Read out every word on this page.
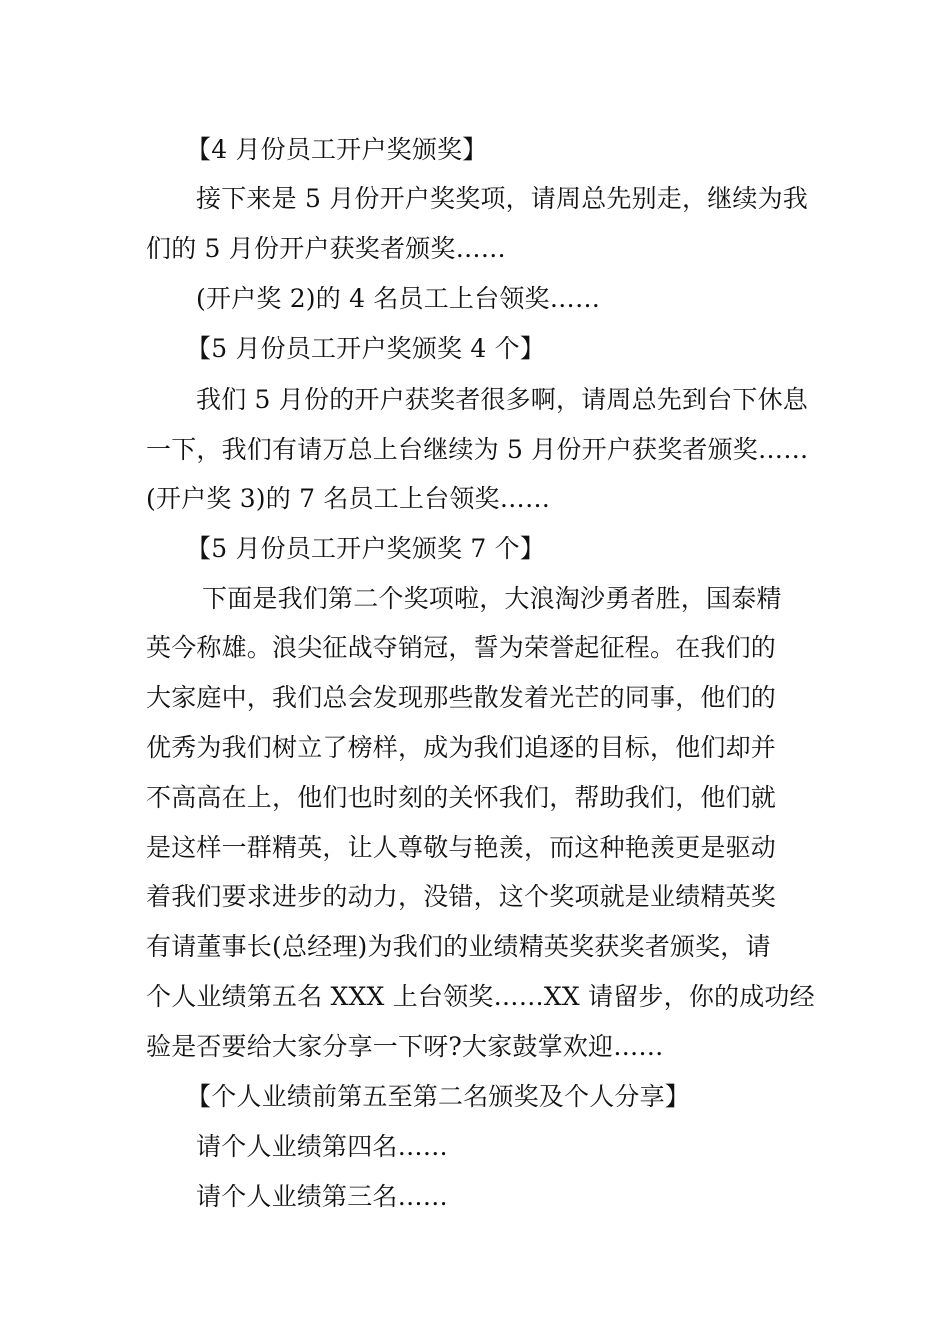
【4 月份员工开户奖颁奖】
接下来是 5 月份开户奖奖项，请周总先别走，继续为我
们的 5 月份开户获奖者颁奖……
(开户奖 2)的 4 名员工上台领奖……
【5 月份员工开户奖颁奖 4 个】
我们 5 月份的开户获奖者很多啊，请周总先到台下休息
一下，我们有请万总上台继续为 5 月份开户获奖者颁奖……
(开户奖 3)的 7 名员工上台领奖……
【5 月份员工开户奖颁奖 7 个】
下面是我们第二个奖项啦，大浪淘沙勇者胜，国泰精
英今称雄。浪尖征战夺销冠，誓为荣誉起征程。在我们的
大家庭中，我们总会发现那些散发着光芒的同事，他们的
优秀为我们树立了榜样，成为我们追逐的目标，他们却并
不高高在上，他们也时刻的关怀我们，帮助我们，他们就
是这样一群精英，让人尊敬与艳羡，而这种艳羡更是驱动
着我们要求进步的动力，没错，这个奖项就是业绩精英奖
有请董事长(总经理)为我们的业绩精英奖获奖者颁奖，请
个人业绩第五名 XXX 上台领奖……XX 请留步，你的成功经
验是否要给大家分享一下呀?大家鼓掌欢迎……
【个人业绩前第五至第二名颁奖及个人分享】
请个人业绩第四名……
请个人业绩第三名……
